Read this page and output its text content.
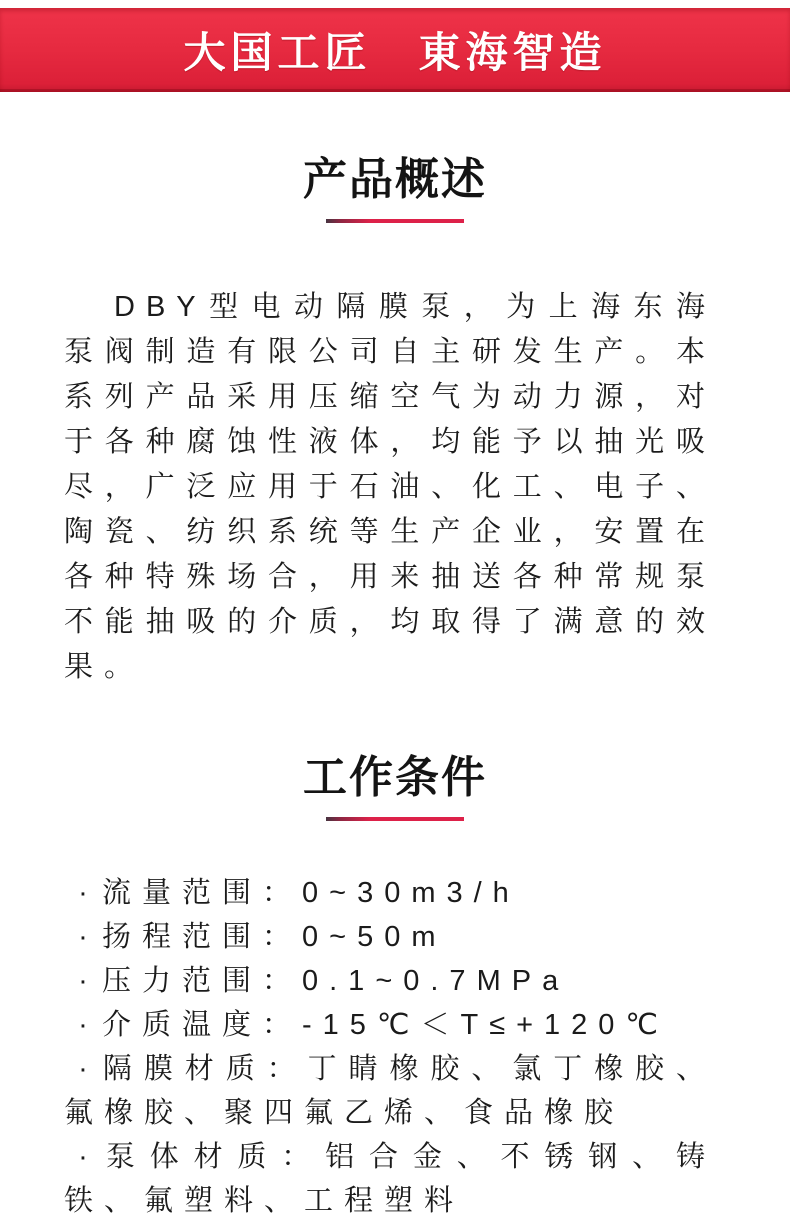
大国工匠　東海智造
产品概述

DBY型电动隔膜泵，为上海东海泵阀制造有限公司自主研发生产。本系列产品采用压缩空气为动力源，对于各种腐蚀性液体，均能予以抽光吸尽，广泛应用于石油、化工、电子、陶瓷、纺织系统等生产企业，安置在各种特殊场合，用来抽送各种常规泵不能抽吸的介质，均取得了满意的效果。

工作条件
· 流量范围：0~30m3/h
· 扬程范围：0~50m
· 压力范围：0.1~0.7MPa
· 介质温度：-15℃＜T≤+120℃
· 隔膜材质：丁睛橡胶、氯丁橡胶、氟橡胶、聚四氟乙烯、食品橡胶
· 泵体材质：铝合金、不锈钢、铸铁、氟塑料、工程塑料
